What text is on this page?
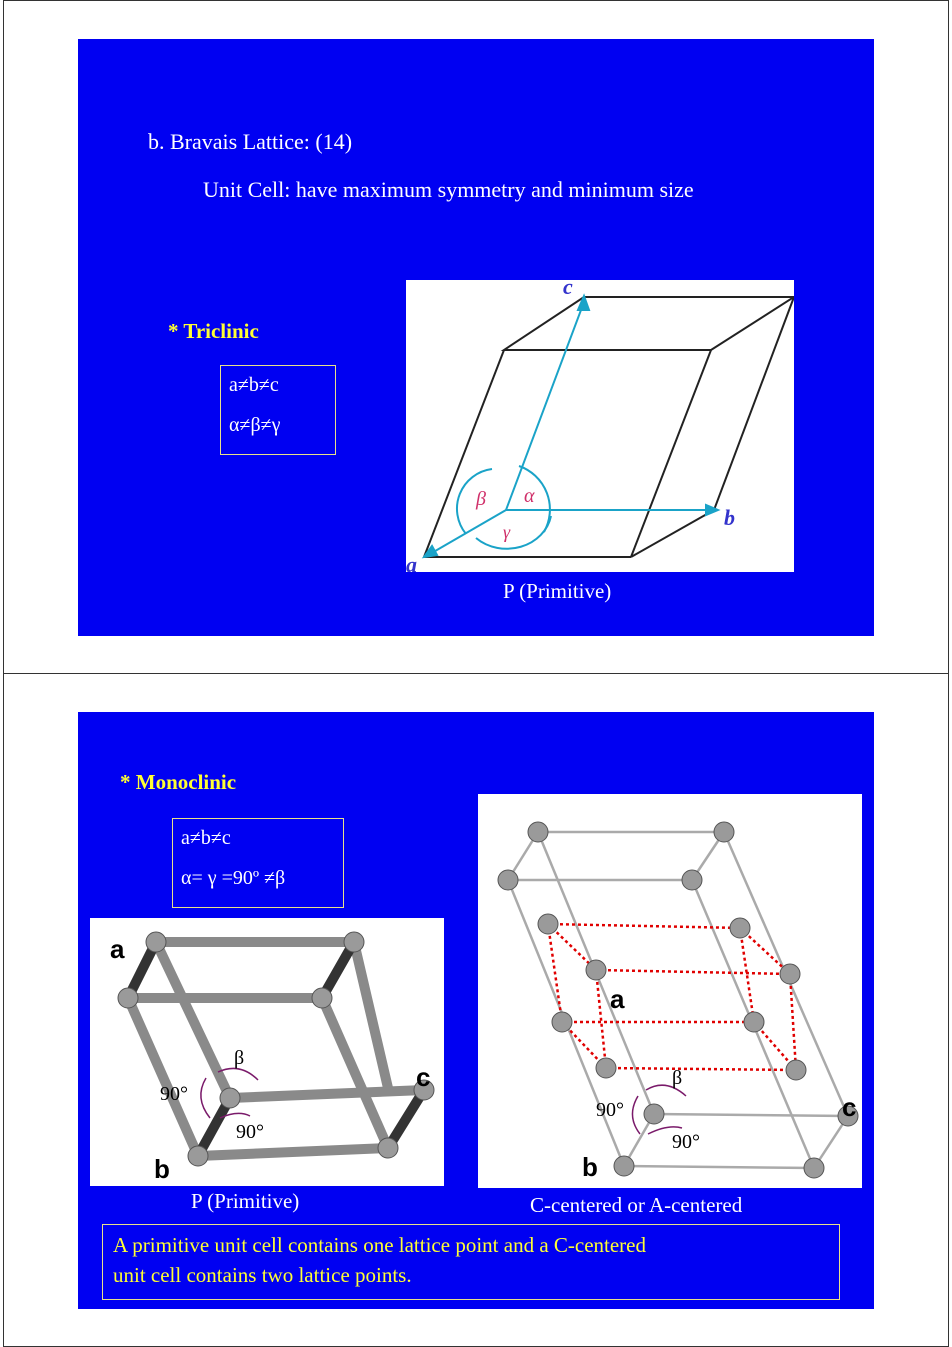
b. Bravais Lattice: (14)
Unit Cell: have maximum symmetry and minimum size
* Triclinic
a≠b≠c
α≠β≠γ
c
b
a
α
β
γ
P (Primitive)
* Monoclinic
a≠b≠c
α= γ =90º ≠β
a
c
b
β
90°
90°
P (Primitive)
a
c
b
β
90°
90°
C-centered or A-centered
A primitive unit cell contains one lattice point and a C-centered
unit cell contains two lattice points.
